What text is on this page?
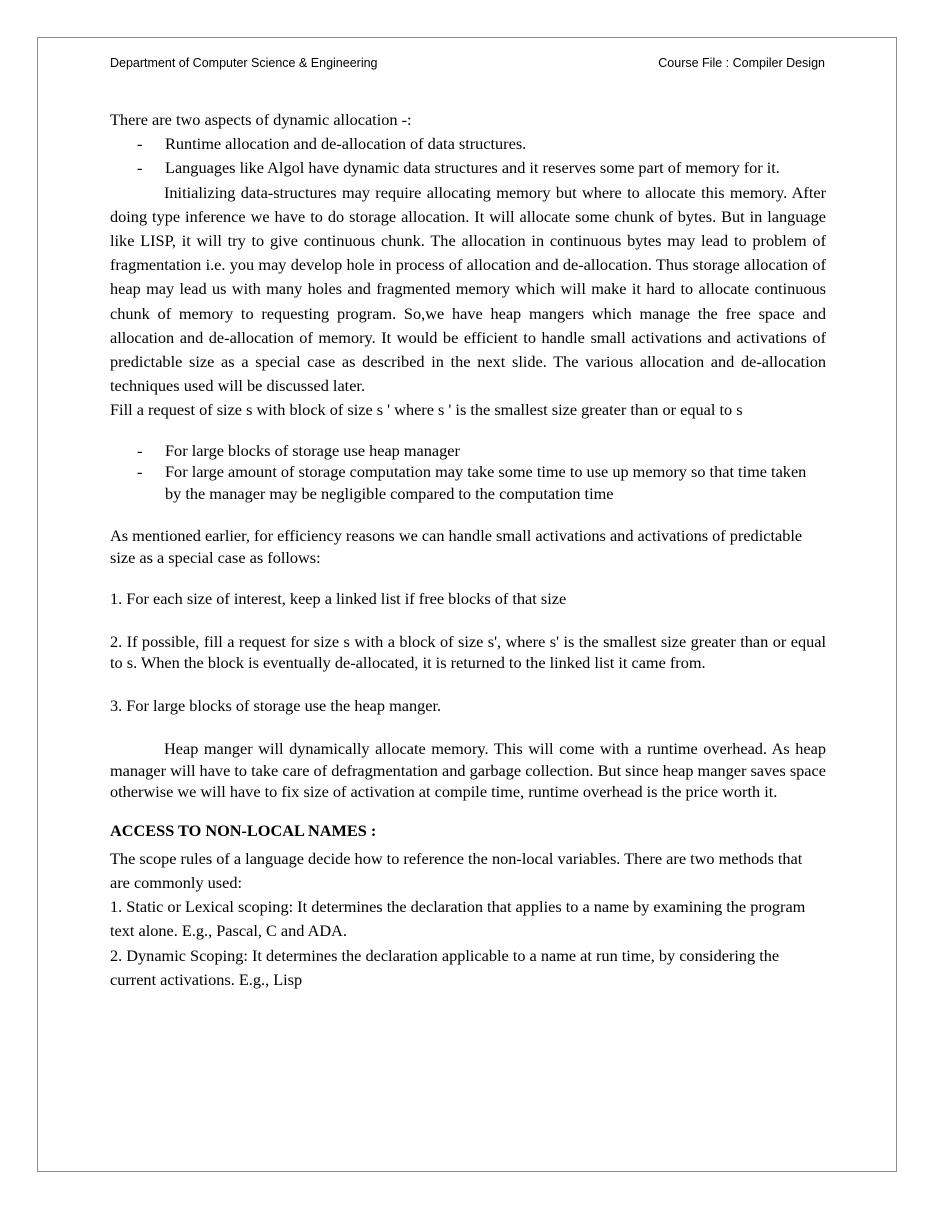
Department of Computer Science & Engineering	Course File : Compiler Design

There are two aspects of dynamic allocation -:

- Runtime allocation and de-allocation of data structures.
- Languages like Algol have dynamic data structures and it reserves some part of memory for it.

Initializing data-structures may require allocating memory but where to allocate this memory. After doing type inference we have to do storage allocation. It will allocate some chunk of bytes. But in language like LISP, it will try to give continuous chunk. The allocation in continuous bytes may lead to problem of fragmentation i.e. you may develop hole in process of allocation and de-allocation. Thus storage allocation of heap may lead us with many holes and fragmented memory which will make it hard to allocate continuous chunk of memory to requesting program. So,we have heap mangers which manage the free space and allocation and de-allocation of memory. It would be efficient to handle small activations and activations of predictable size as a special case as described in the next slide. The various allocation and de-allocation techniques used will be discussed later.

Fill a request of size s with block of size s ' where s ' is the smallest size greater than or equal to s

- For large blocks of storage use heap manager
- For large amount of storage computation may take some time to use up memory so that time taken by the manager may be negligible compared to the computation time

As mentioned earlier, for efficiency reasons we can handle small activations and activations of predictable size as a special case as follows:

1. For each size of interest, keep a linked list if free blocks of that size

2. If possible, fill a request for size s with a block of size s', where s' is the smallest size greater than or equal to s. When the block is eventually de-allocated, it is returned to the linked list it came from.

3. For large blocks of storage use the heap manger.

Heap manger will dynamically allocate memory. This will come with a runtime overhead. As heap manager will have to take care of defragmentation and garbage collection. But since heap manger saves space otherwise we will have to fix size of activation at compile time, runtime overhead is the price worth it.

ACCESS TO NON-LOCAL NAMES :

The scope rules of a language decide how to reference the non-local variables. There are two methods that are commonly used:

1. Static or Lexical scoping: It determines the declaration that applies to a name by examining the program text alone. E.g., Pascal, C and ADA.

2. Dynamic Scoping: It determines the declaration applicable to a name at run time, by considering the current activations. E.g., Lisp
